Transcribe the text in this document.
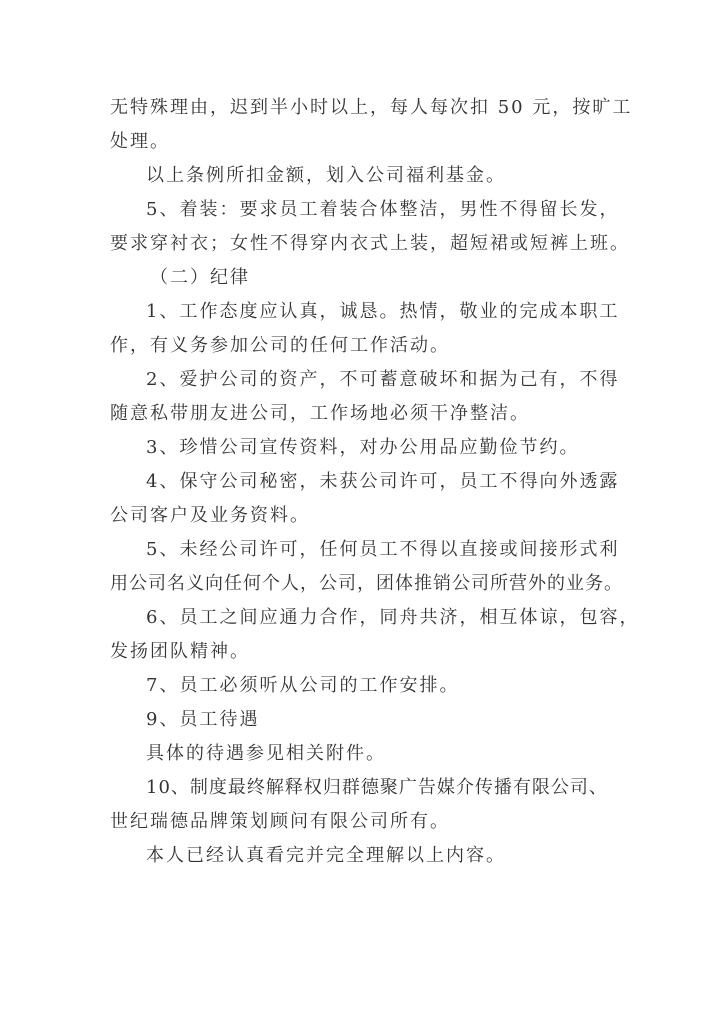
无特殊理由，迟到半小时以上，每人每次扣 50 元，按旷工
处理。
以上条例所扣金额，划入公司福利基金。
5、着装：要求员工着装合体整洁，男性不得留长发，
要求穿衬衣；女性不得穿内衣式上装，超短裙或短裤上班。
（二）纪律
1、工作态度应认真，诚恳。热情，敬业的完成本职工
作，有义务参加公司的任何工作活动。
2、爱护公司的资产，不可蓄意破坏和据为己有，不得
随意私带朋友进公司，工作场地必须干净整洁。
3、珍惜公司宣传资料，对办公用品应勤俭节约。
4、保守公司秘密，未获公司许可，员工不得向外透露
公司客户及业务资料。
5、未经公司许可，任何员工不得以直接或间接形式利
用公司名义向任何个人，公司，团体推销公司所营外的业务。
6、员工之间应通力合作，同舟共济，相互体谅，包容，
发扬团队精神。
7、员工必须听从公司的工作安排。
9、员工待遇
具体的待遇参见相关附件。
10、制度最终解释权归群德聚广告媒介传播有限公司、
世纪瑞德品牌策划顾问有限公司所有。
本人已经认真看完并完全理解以上内容。
